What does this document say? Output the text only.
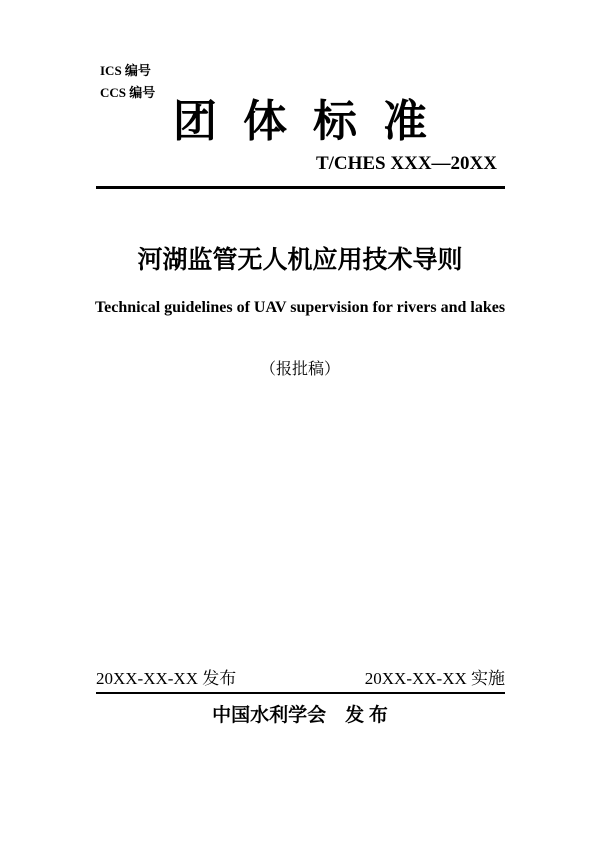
ICS 编号
CCS 编号
团体标准
T/CHES XXX—20XX
河湖监管无人机应用技术导则
Technical guidelines of UAV supervision for rivers and lakes
（报批稿）
20XX-XX-XX 发布	20XX-XX-XX 实施
中国水利学会　发 布
